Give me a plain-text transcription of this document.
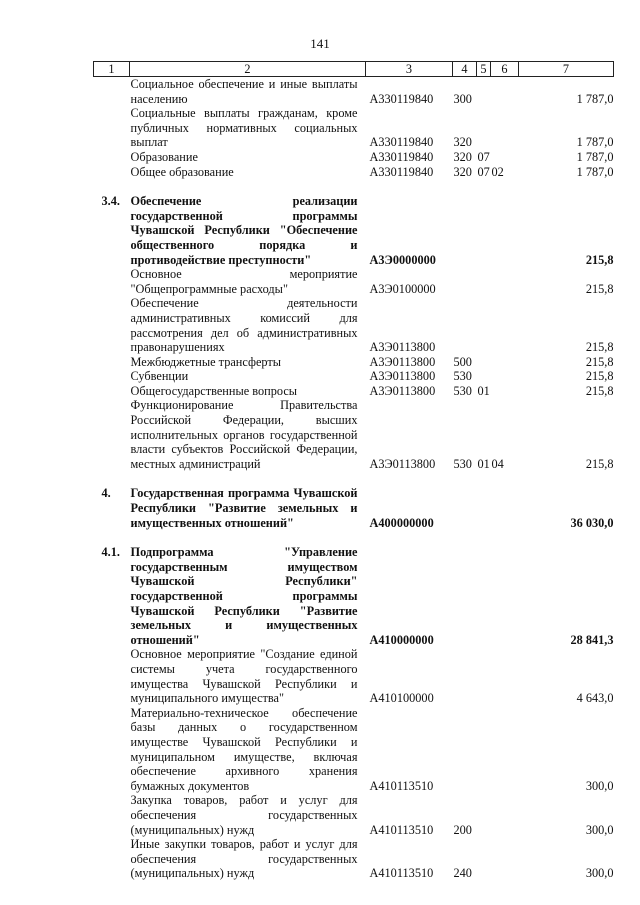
141
1	2	3	4	5	6	7
	Социальное обеспечение и иные выплаты населению	А330119840	300			1 787,0
	Социальные выплаты гражданам, кроме публичных нормативных социальных выплат	А330119840	320			1 787,0
	Образование	А330119840	320	07		1 787,0
	Общее образование	А330119840	320	07	02	1 787,0

3.4.	Обеспечение реализации государственной программы Чувашской Республики "Обеспечение общественного порядка и противодействие преступности"	А3Э0000000				215,8
	Основное мероприятие "Общепрограммные расходы"	А3Э0100000				215,8
	Обеспечение деятельности административных комиссий для рассмотрения дел об административных правонарушениях	А3Э0113800				215,8
	Межбюджетные трансферты	А3Э0113800	500			215,8
	Субвенции	А3Э0113800	530			215,8
	Общегосударственные вопросы	А3Э0113800	530	01		215,8
	Функционирование Правительства Российской Федерации, высших исполнительных органов государственной власти субъектов Российской Федерации, местных администраций	А3Э0113800	530	01	04	215,8

4.	Государственная программа Чувашской Республики "Развитие земельных и имущественных отношений"	А400000000				36 030,0

4.1.	Подпрограмма "Управление государственным имуществом Чувашской Республики" государственной программы Чувашской Республики "Развитие земельных и имущественных отношений"	А410000000				28 841,3
	Основное мероприятие "Создание единой системы учета государственного имущества Чувашской Республики и муниципального имущества"	А410100000				4 643,0
	Материально-техническое обеспечение базы данных о государственном имуществе Чувашской Республики и муниципальном имуществе, включая обеспечение архивного хранения бумажных документов	А410113510				300,0
	Закупка товаров, работ и услуг для обеспечения государственных (муниципальных) нужд	А410113510	200			300,0
	Иные закупки товаров, работ и услуг для обеспечения государственных (муниципальных) нужд	А410113510	240			300,0
